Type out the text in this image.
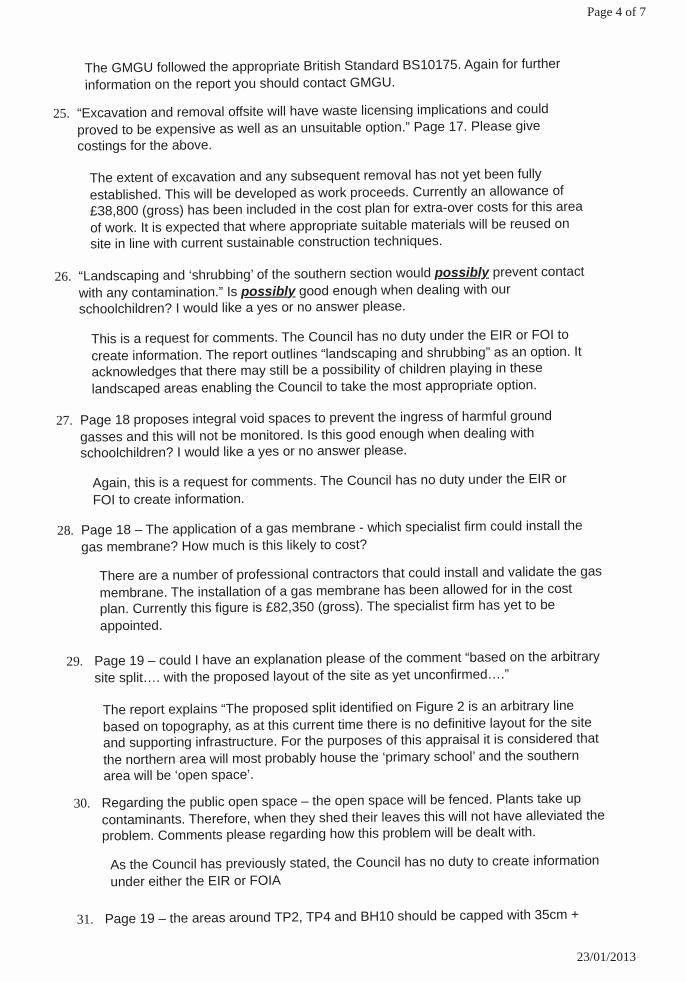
Page 4 of 7
The GMGU followed the appropriate British Standard BS10175. Again for further
information on the report you should contact GMGU.
25. “Excavation and removal offsite will have waste licensing implications and could
proved to be expensive as well as an unsuitable option.” Page 17. Please give
costings for the above.
The extent of excavation and any subsequent removal has not yet been fully
established. This will be developed as work proceeds. Currently an allowance of
£38,800 (gross) has been included in the cost plan for extra-over costs for this area
of work. It is expected that where appropriate suitable materials will be reused on
site in line with current sustainable construction techniques.
26. “Landscaping and ‘shrubbing’ of the southern section would possibly prevent contact
with any contamination.” Is possibly good enough when dealing with our
schoolchildren? I would like a yes or no answer please.
This is a request for comments. The Council has no duty under the EIR or FOI to
create information. The report outlines “landscaping and shrubbing” as an option. It
acknowledges that there may still be a possibility of children playing in these
landscaped areas enabling the Council to take the most appropriate option.
27. Page 18 proposes integral void spaces to prevent the ingress of harmful ground
gasses and this will not be monitored. Is this good enough when dealing with
schoolchildren? I would like a yes or no answer please.
Again, this is a request for comments. The Council has no duty under the EIR or
FOI to create information.
28. Page 18 – The application of a gas membrane - which specialist firm could install the
gas membrane? How much is this likely to cost?
There are a number of professional contractors that could install and validate the gas
membrane. The installation of a gas membrane has been allowed for in the cost
plan. Currently this figure is £82,350 (gross). The specialist firm has yet to be
appointed.
29. Page 19 – could I have an explanation please of the comment “based on the arbitrary
site split…. with the proposed layout of the site as yet unconfirmed….”
The report explains “The proposed split identified on Figure 2 is an arbitrary line
based on topography, as at this current time there is no definitive layout for the site
and supporting infrastructure. For the purposes of this appraisal it is considered that
the northern area will most probably house the ‘primary school’ and the southern
area will be ‘open space’.
30. Regarding the public open space – the open space will be fenced. Plants take up
contaminants. Therefore, when they shed their leaves this will not have alleviated the
problem. Comments please regarding how this problem will be dealt with.
As the Council has previously stated, the Council has no duty to create information
under either the EIR or FOIA
31. Page 19 – the areas around TP2, TP4 and BH10 should be capped with 35cm +
23/01/2013
